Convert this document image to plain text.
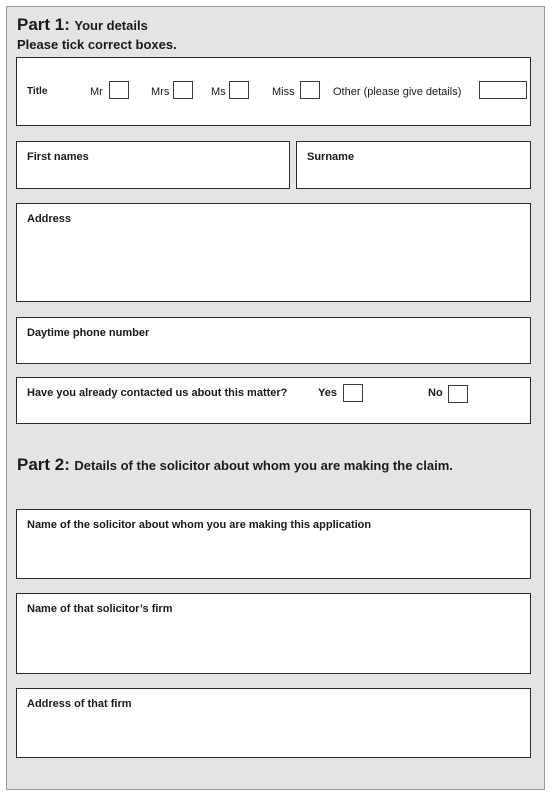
Part 1: Your details
Please tick correct boxes.
Title	Mr	Mrs	Ms	Miss	Other (please give details)
First names	Surname
Address
Daytime phone number
Have you already contacted us about this matter?	Yes	No
Part 2: Details of the solicitor about whom you are making the claim.
Name of the solicitor about whom you are making this application
Name of that solicitor’s firm
Address of that firm
